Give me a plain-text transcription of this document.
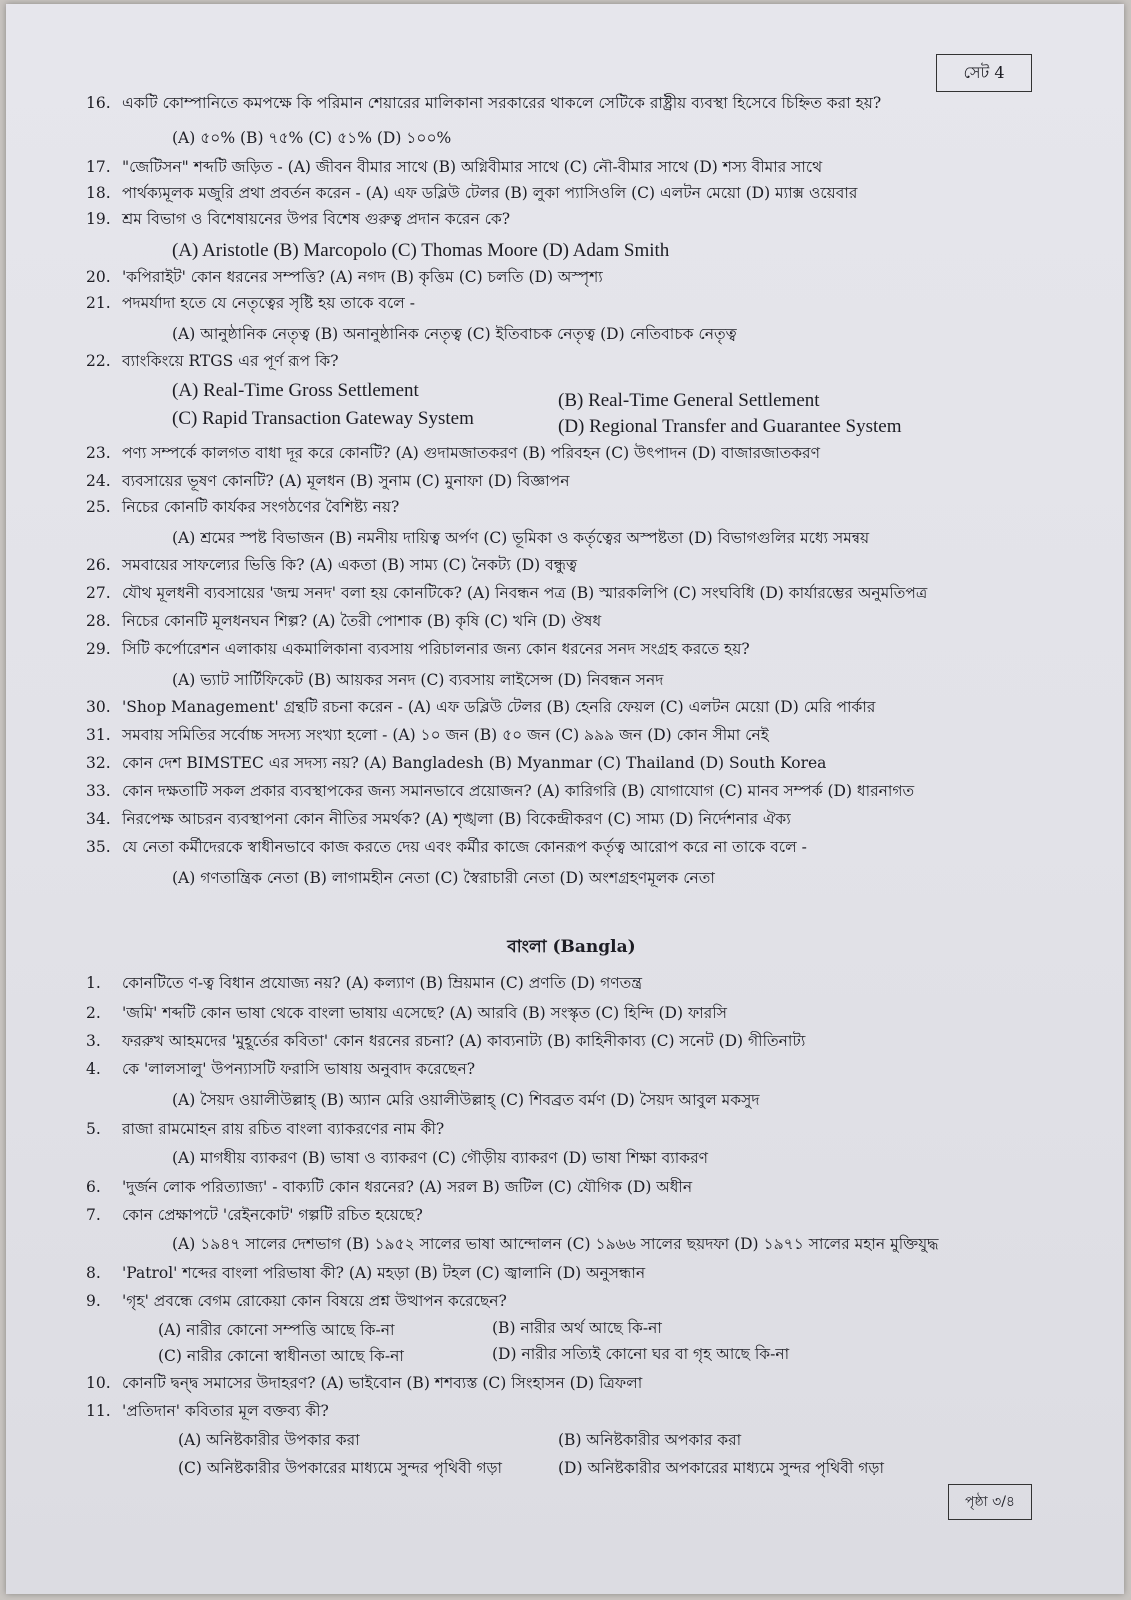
সেট 4
16. একটি কোম্পানিতে কমপক্ষে কি পরিমান শেয়ারের মালিকানা সরকারের থাকলে সেটিকে রাষ্ট্রীয় ব্যবস্থা হিসেবে চিহ্নিত করা হয়?
(A) ৫০% (B) ৭৫% (C) ৫১% (D) ১০০%
17. "জেটিসন" শব্দটি জড়িত - (A) জীবন বীমার সাথে (B) অগ্নিবীমার সাথে (C) নৌ-বীমার সাথে (D) শস্য বীমার সাথে
18. পার্থক্যমূলক মজুরি প্রথা প্রবর্তন করেন - (A) এফ ডব্লিউ টেলর (B) লুকা প্যাসিওলি (C) এলটন মেয়ো (D) ম্যাক্স ওয়েবার
19. শ্রম বিভাগ ও বিশেষায়নের উপর বিশেষ গুরুত্ব প্রদান করেন কে?
(A) Aristotle (B) Marcopolo (C) Thomas Moore (D) Adam Smith
20. 'কপিরাইট' কোন ধরনের সম্পত্তি? (A) নগদ (B) কৃত্তিম (C) চলতি (D) অস্পৃশ্য
21. পদমর্যাদা হতে যে নেতৃত্বের সৃষ্টি হয় তাকে বলে -
(A) আনুষ্ঠানিক নেতৃত্ব (B) অনানুষ্ঠানিক নেতৃত্ব (C) ইতিবাচক নেতৃত্ব (D) নেতিবাচক নেতৃত্ব
22. ব্যাংকিংয়ে RTGS এর পূর্ণ রূপ কি?
(A) Real-Time Gross Settlement	(B) Real-Time General Settlement
(C) Rapid Transaction Gateway System	(D) Regional Transfer and Guarantee System
23. পণ্য সম্পর্কে কালগত বাধা দূর করে কোনটি? (A) গুদামজাতকরণ (B) পরিবহন (C) উৎপাদন (D) বাজারজাতকরণ
24. ব্যবসায়ের ভূষণ কোনটি? (A) মূলধন (B) সুনাম (C) মুনাফা (D) বিজ্ঞাপন
25. নিচের কোনটি কার্যকর সংগঠণের বৈশিষ্ট্য নয়?
(A) শ্রমের স্পষ্ট বিভাজন (B) নমনীয় দায়িত্ব অর্পণ (C) ভূমিকা ও কর্তৃত্বের অস্পষ্টতা (D) বিভাগগুলির মধ্যে সমন্বয়
26. সমবায়ের সাফল্যের ভিত্তি কি? (A) একতা (B) সাম্য (C) নৈকট্য (D) বন্ধুত্ব
27. যৌথ মূলধনী ব্যবসায়ের 'জন্ম সনদ' বলা হয় কোনটিকে? (A) নিবন্ধন পত্র (B) স্মারকলিপি (C) সংঘবিধি (D) কার্যারম্ভের অনুমতিপত্র
28. নিচের কোনটি মূলধনঘন শিল্প? (A) তৈরী পোশাক (B) কৃষি (C) খনি (D) ঔষধ
29. সিটি কর্পোরেশন এলাকায় একমালিকানা ব্যবসায় পরিচালনার জন্য কোন ধরনের সনদ সংগ্রহ করতে হয়?
(A) ভ্যাট সার্টিফিকেট (B) আয়কর সনদ (C) ব্যবসায় লাইসেন্স (D) নিবন্ধন সনদ
30. 'Shop Management' গ্রন্থটি রচনা করেন - (A) এফ ডব্লিউ টেলর (B) হেনরি ফেয়ল (C) এলটন মেয়ো (D) মেরি পার্কার
31. সমবায় সমিতির সর্বোচ্চ সদস্য সংখ্যা হলো - (A) ১০ জন (B) ৫০ জন (C) ৯৯৯ জন (D) কোন সীমা নেই
32. কোন দেশ BIMSTEC এর সদস্য নয়? (A) Bangladesh (B) Myanmar (C) Thailand (D) South Korea
33. কোন দক্ষতাটি সকল প্রকার ব্যবস্থাপকের জন্য সমানভাবে প্রয়োজন? (A) কারিগরি (B) যোগাযোগ (C) মানব সম্পর্ক (D) ধারনাগত
34. নিরপেক্ষ আচরন ব্যবস্থাপনা কোন নীতির সমর্থক? (A) শৃঙ্খলা (B) বিকেন্দ্রীকরণ (C) সাম্য (D) নির্দেশনার ঐক্য
35. যে নেতা কর্মীদেরকে স্বাধীনভাবে কাজ করতে দেয় এবং কর্মীর কাজে কোনরূপ কর্তৃত্ব আরোপ করে না তাকে বলে -
(A) গণতান্ত্রিক নেতা (B) লাগামহীন নেতা (C) স্বৈরাচারী নেতা (D) অংশগ্রহণমূলক নেতা
বাংলা (Bangla)
1. কোনটিতে ণ-ত্ব বিধান প্রযোজ্য নয়? (A) কল্যাণ (B) ম্রিয়মান (C) প্রণতি (D) গণতন্ত্র
2. 'জমি' শব্দটি কোন ভাষা থেকে বাংলা ভাষায় এসেছে? (A) আরবি (B) সংস্কৃত (C) হিন্দি (D) ফারসি
3. ফররুখ আহমদের 'মুহূর্তের কবিতা' কোন ধরনের রচনা? (A) কাব্যনাট্য (B) কাহিনীকাব্য (C) সনেট (D) গীতিনাট্য
4. কে 'লালসালু' উপন্যাসটি ফরাসি ভাষায় অনুবাদ করেছেন?
(A) সৈয়দ ওয়ালীউল্লাহ্ (B) অ্যান মেরি ওয়ালীউল্লাহ্ (C) শিবব্রত বর্মণ (D) সৈয়দ আবুল মকসুদ
5. রাজা রামমোহন রায় রচিত বাংলা ব্যাকরণের নাম কী?
(A) মাগধীয় ব্যাকরণ (B) ভাষা ও ব্যাকরণ (C) গৌড়ীয় ব্যাকরণ (D) ভাষা শিক্ষা ব্যাকরণ
6. 'দুর্জন লোক পরিত্যাজ্য' - বাক্যটি কোন ধরনের? (A) সরল B) জটিল (C) যৌগিক (D) অধীন
7. কোন প্রেক্ষাপটে 'রেইনকোট' গল্পটি রচিত হয়েছে?
(A) ১৯৪৭ সালের দেশভাগ (B) ১৯৫২ সালের ভাষা আন্দোলন (C) ১৯৬৬ সালের ছয়দফা (D) ১৯৭১ সালের মহান মুক্তিযুদ্ধ
8. 'Patrol' শব্দের বাংলা পরিভাষা কী? (A) মহড়া (B) টহল (C) জ্বালানি (D) অনুসন্ধান
9. 'গৃহ' প্রবন্ধে বেগম রোকেয়া কোন বিষয়ে প্রশ্ন উত্থাপন করেছেন?
(A) নারীর কোনো সম্পত্তি আছে কি-না	(B) নারীর অর্থ আছে কি-না
(C) নারীর কোনো স্বাধীনতা আছে কি-না	(D) নারীর সত্যিই কোনো ঘর বা গৃহ আছে কি-না
10. কোনটি দ্বন্দ্ব সমাসের উদাহরণ? (A) ভাইবোন (B) শশব্যস্ত (C) সিংহাসন (D) ত্রিফলা
11. 'প্রতিদান' কবিতার মূল বক্তব্য কী?
(A) অনিষ্টকারীর উপকার করা	(B) অনিষ্টকারীর অপকার করা
(C) অনিষ্টকারীর উপকারের মাধ্যমে সুন্দর পৃথিবী গড়া	(D) অনিষ্টকারীর অপকারের মাধ্যমে সুন্দর পৃথিবী গড়া
পৃষ্ঠা ৩/৪
